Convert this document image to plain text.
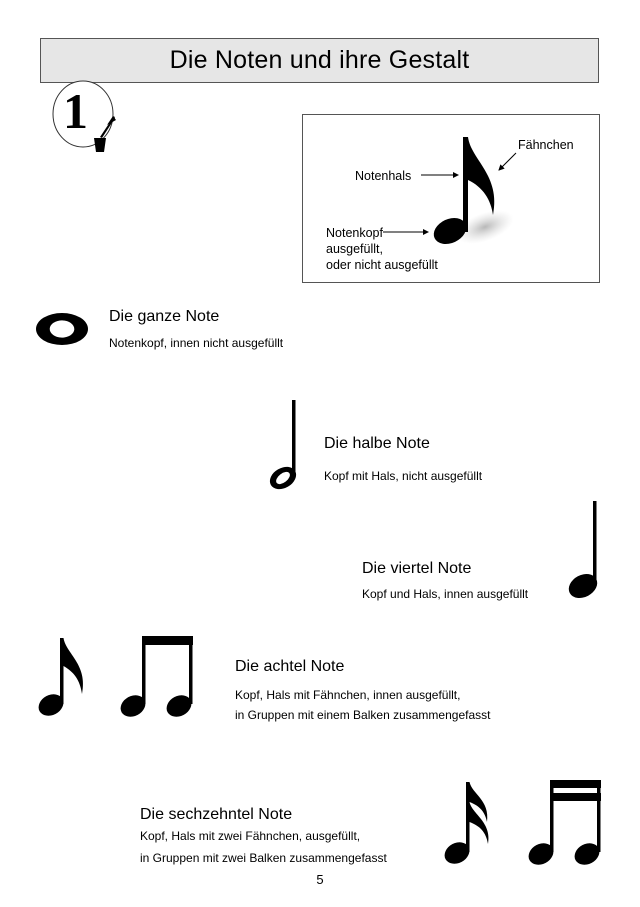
Die Noten und ihre Gestalt
1
Fähnchen
Notenhals
Notenkopf
ausgefüllt,
oder nicht ausgefüllt
Die ganze Note
Notenkopf, innen nicht ausgefüllt
Die halbe Note
Kopf mit Hals, nicht ausgefüllt
Die viertel Note
Kopf und Hals, innen ausgefüllt
Die achtel Note
Kopf, Hals mit Fähnchen, innen ausgefüllt,
in Gruppen mit einem Balken zusammengefasst
Die sechzehntel Note
Kopf, Hals mit zwei Fähnchen, ausgefüllt,
in Gruppen mit zwei Balken zusammengefasst
5
